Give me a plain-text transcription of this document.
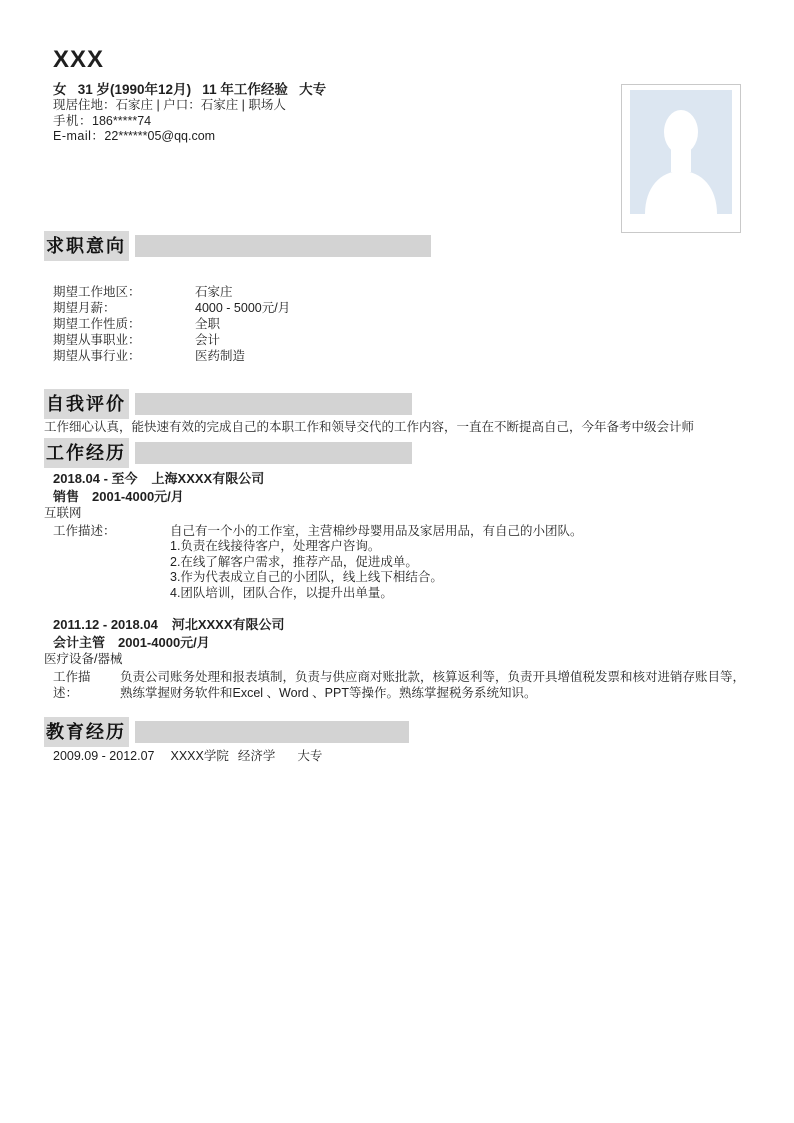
XXX
女   31 岁(1990年12月)   11 年工作经验   大专
现居住地：石家庄 | 户口：石家庄 | 职场人
手机：186*****74
E-mail：22******05@qq.com
求职意向
期望工作地区：	石家庄
期望月薪：	4000 - 5000元/月
期望工作性质：	全职
期望从事职业：	会计
期望从事行业：	医药制造
自我评价
工作细心认真，能快速有效的完成自己的本职工作和领导交代的工作内容，一直在不断提高自己，今年备考中级会计师
工作经历
2018.04 - 至今 上海XXXX有限公司
销售 2001-4000元/月
互联网
工作描述：	自己有一个小的工作室，主营棉纱母婴用品及家居用品，有自己的小团队。
1.负责在线接待客户，处理客户咨询。
2.在线了解客户需求，推荐产品，促进成单。
3.作为代表成立自己的小团队，线上线下相结合。
4.团队培训，团队合作，以提升出单量。
2011.12 - 2018.04 河北XXXX有限公司
会计主管 2001-4000元/月
医疗设备/器械
工作描述：
负责公司账务处理和报表填制，负责与供应商对账批款，核算返利等，负责开具增值税发票和核对进销存账目等，熟练掌握财务软件和Excel 、Word 、PPT等操作。熟练掌握税务系统知识。
教育经历
2009.09 - 2012.07 XXXX学院 经济学 大专
